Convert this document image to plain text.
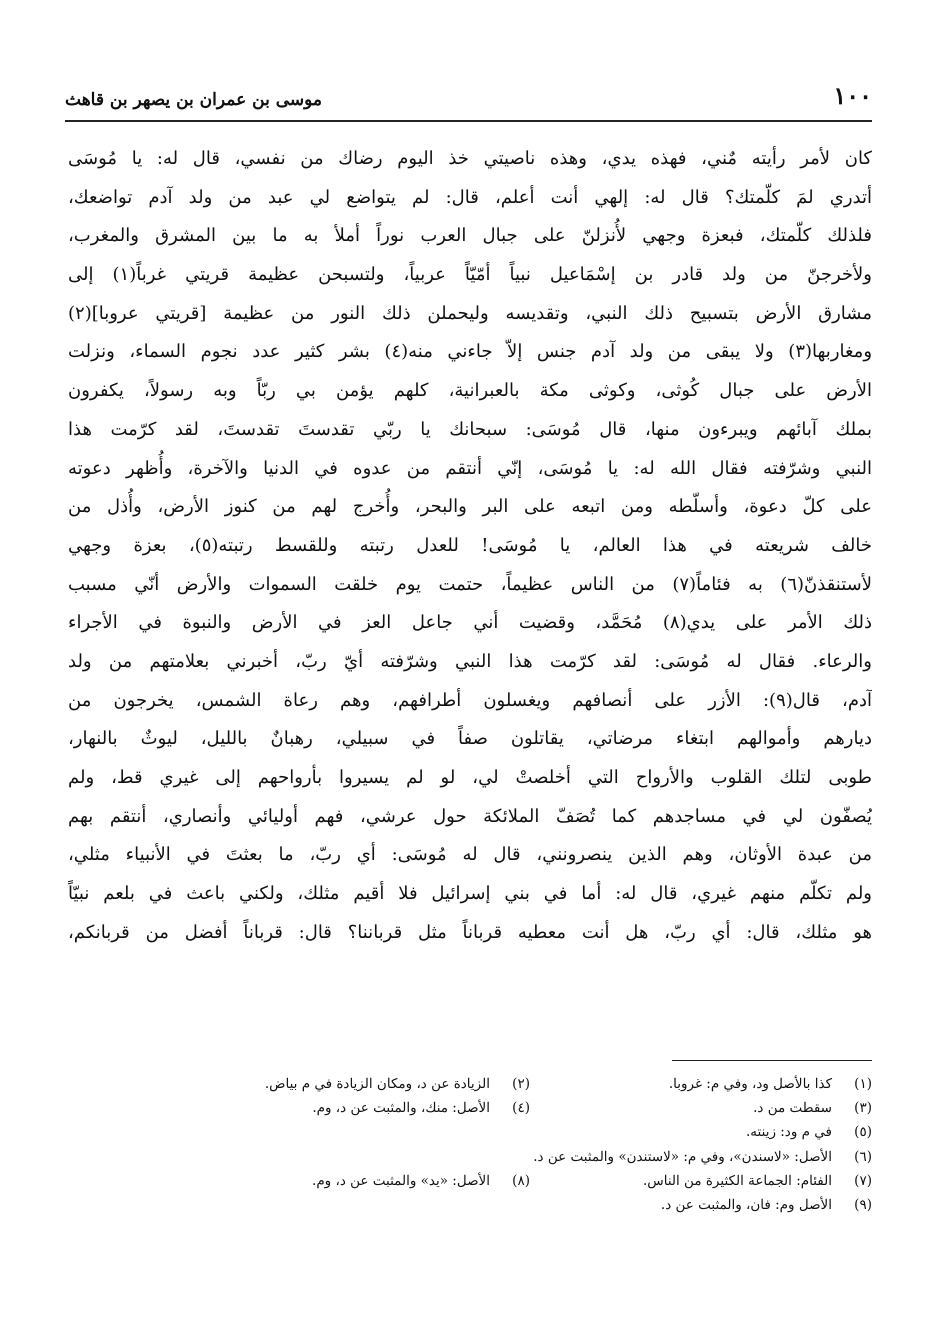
١٠٠
موسى بن عمران بن يصهر بن قاهث
كان لأمر رأيته مٌني، فهذه يدي، وهذه ناصيتي خذ اليوم رضاك من نفسي، قال له: يا مُوسَى
أتدري لمَ كلّمتك؟ قال له: إلهي أنت أعلم، قال: لم يتواضع لي عبد من ولد آدم تواضعك،
فلذلك كلّمتك، فبعزة وجهي لأُنزلنّ على جبال العرب نوراً أملأ به ما بين المشرق والمغرب،
ولأخرجنّ من ولد قادر بن إسْمَاعيل نبياً أمّيّاً عربياً، ولتسبحن عظيمة قريتي غرباً(١) إلى
مشارق الأرض بتسبيح ذلك النبي، وتقديسه وليحملن ذلك النور من عظيمة [قريتي عروبا](٢)
ومغاربها(٣) ولا يبقى من ولد آدم جنس إلاّ جاءني منه(٤) بشر كثير عدد نجوم السماء، ونزلت
الأرض على جبال كُوثى، وكوثى مكة بالعبرانية، كلهم يؤمن بي ربّاً وبه رسولاً، يكفرون
بملك آبائهم ويبرءون منها، قال مُوسَى: سبحانك يا ربّي تقدستَ تقدستَ، لقد كرّمت هذا
النبي وشرّفته فقال الله له: يا مُوسَى، إنّي أنتقم من عدوه في الدنيا والآخرة، وأُظهر دعوته
على كلّ دعوة، وأسلّطه ومن اتبعه على البر والبحر، وأُخرج لهم من كنوز الأرض، وأُذل من
خالف شريعته في هذا العالم، يا مُوسَى! للعدل رتبته وللقسط رتبته(٥)، بعزة وجهي
لأستنقذنّ(٦) به فئاماً(٧) من الناس عظيماً، حتمت يوم خلقت السموات والأرض أنّي مسبب
ذلك الأمر على يدي(٨) مُحَمَّد، وقضيت أني جاعل العز في الأرض والنبوة في الأجراء
والرعاء. فقال له مُوسَى: لقد كرّمت هذا النبي وشرّفته أيّ ربّ، أخبرني بعلامتهم من ولد
آدم، قال(٩): الأزر على أنصافهم ويغسلون أطرافهم، وهم رعاة الشمس، يخرجون من
ديارهم وأموالهم ابتغاء مرضاتي، يقاتلون صفاً في سبيلي، رهبانٌ بالليل، ليوثٌ بالنهار،
طوبى لتلك القلوب والأرواح التي أخلصتْ لي، لو لم يسيروا بأرواحهم إلى غيري قط، ولم
يُصفّون لي في مساجدهم كما تُصَفّ الملائكة حول عرشي، فهم أوليائي وأنصاري، أنتقم بهم
من عبدة الأوثان، وهم الذين ينصرونني، قال له مُوسَى: أي ربّ، ما بعثتَ في الأنبياء مثلي،
ولم تكلّم منهم غيري، قال له: أما في بني إسرائيل فلا أقيم مثلك، ولكني باعث في بلعم نبيّاً
هو مثلك، قال: أي ربّ، هل أنت معطيه قرباناً مثل قرباننا؟ قال: قرباناً أفضل من قربانكم،
(١)
كذا بالأصل ود، وفي م: غروبا.
(٢)
الزيادة عن د، ومكان الزيادة في م بياض.
(٣)
سقطت من د.
(٤)
الأصل: منك، والمثبت عن د، وم.
(٥)
في م ود: زينته.
(٦)
الأصل: «لاسندن»، وفي م: «لاستندن» والمثبت عن د.
(٧)
الفئام: الجماعة الكثيرة من الناس.
(٨)
الأصل: «يد» والمثبت عن د، وم.
(٩)
الأصل وم: فان، والمثبت عن د.
